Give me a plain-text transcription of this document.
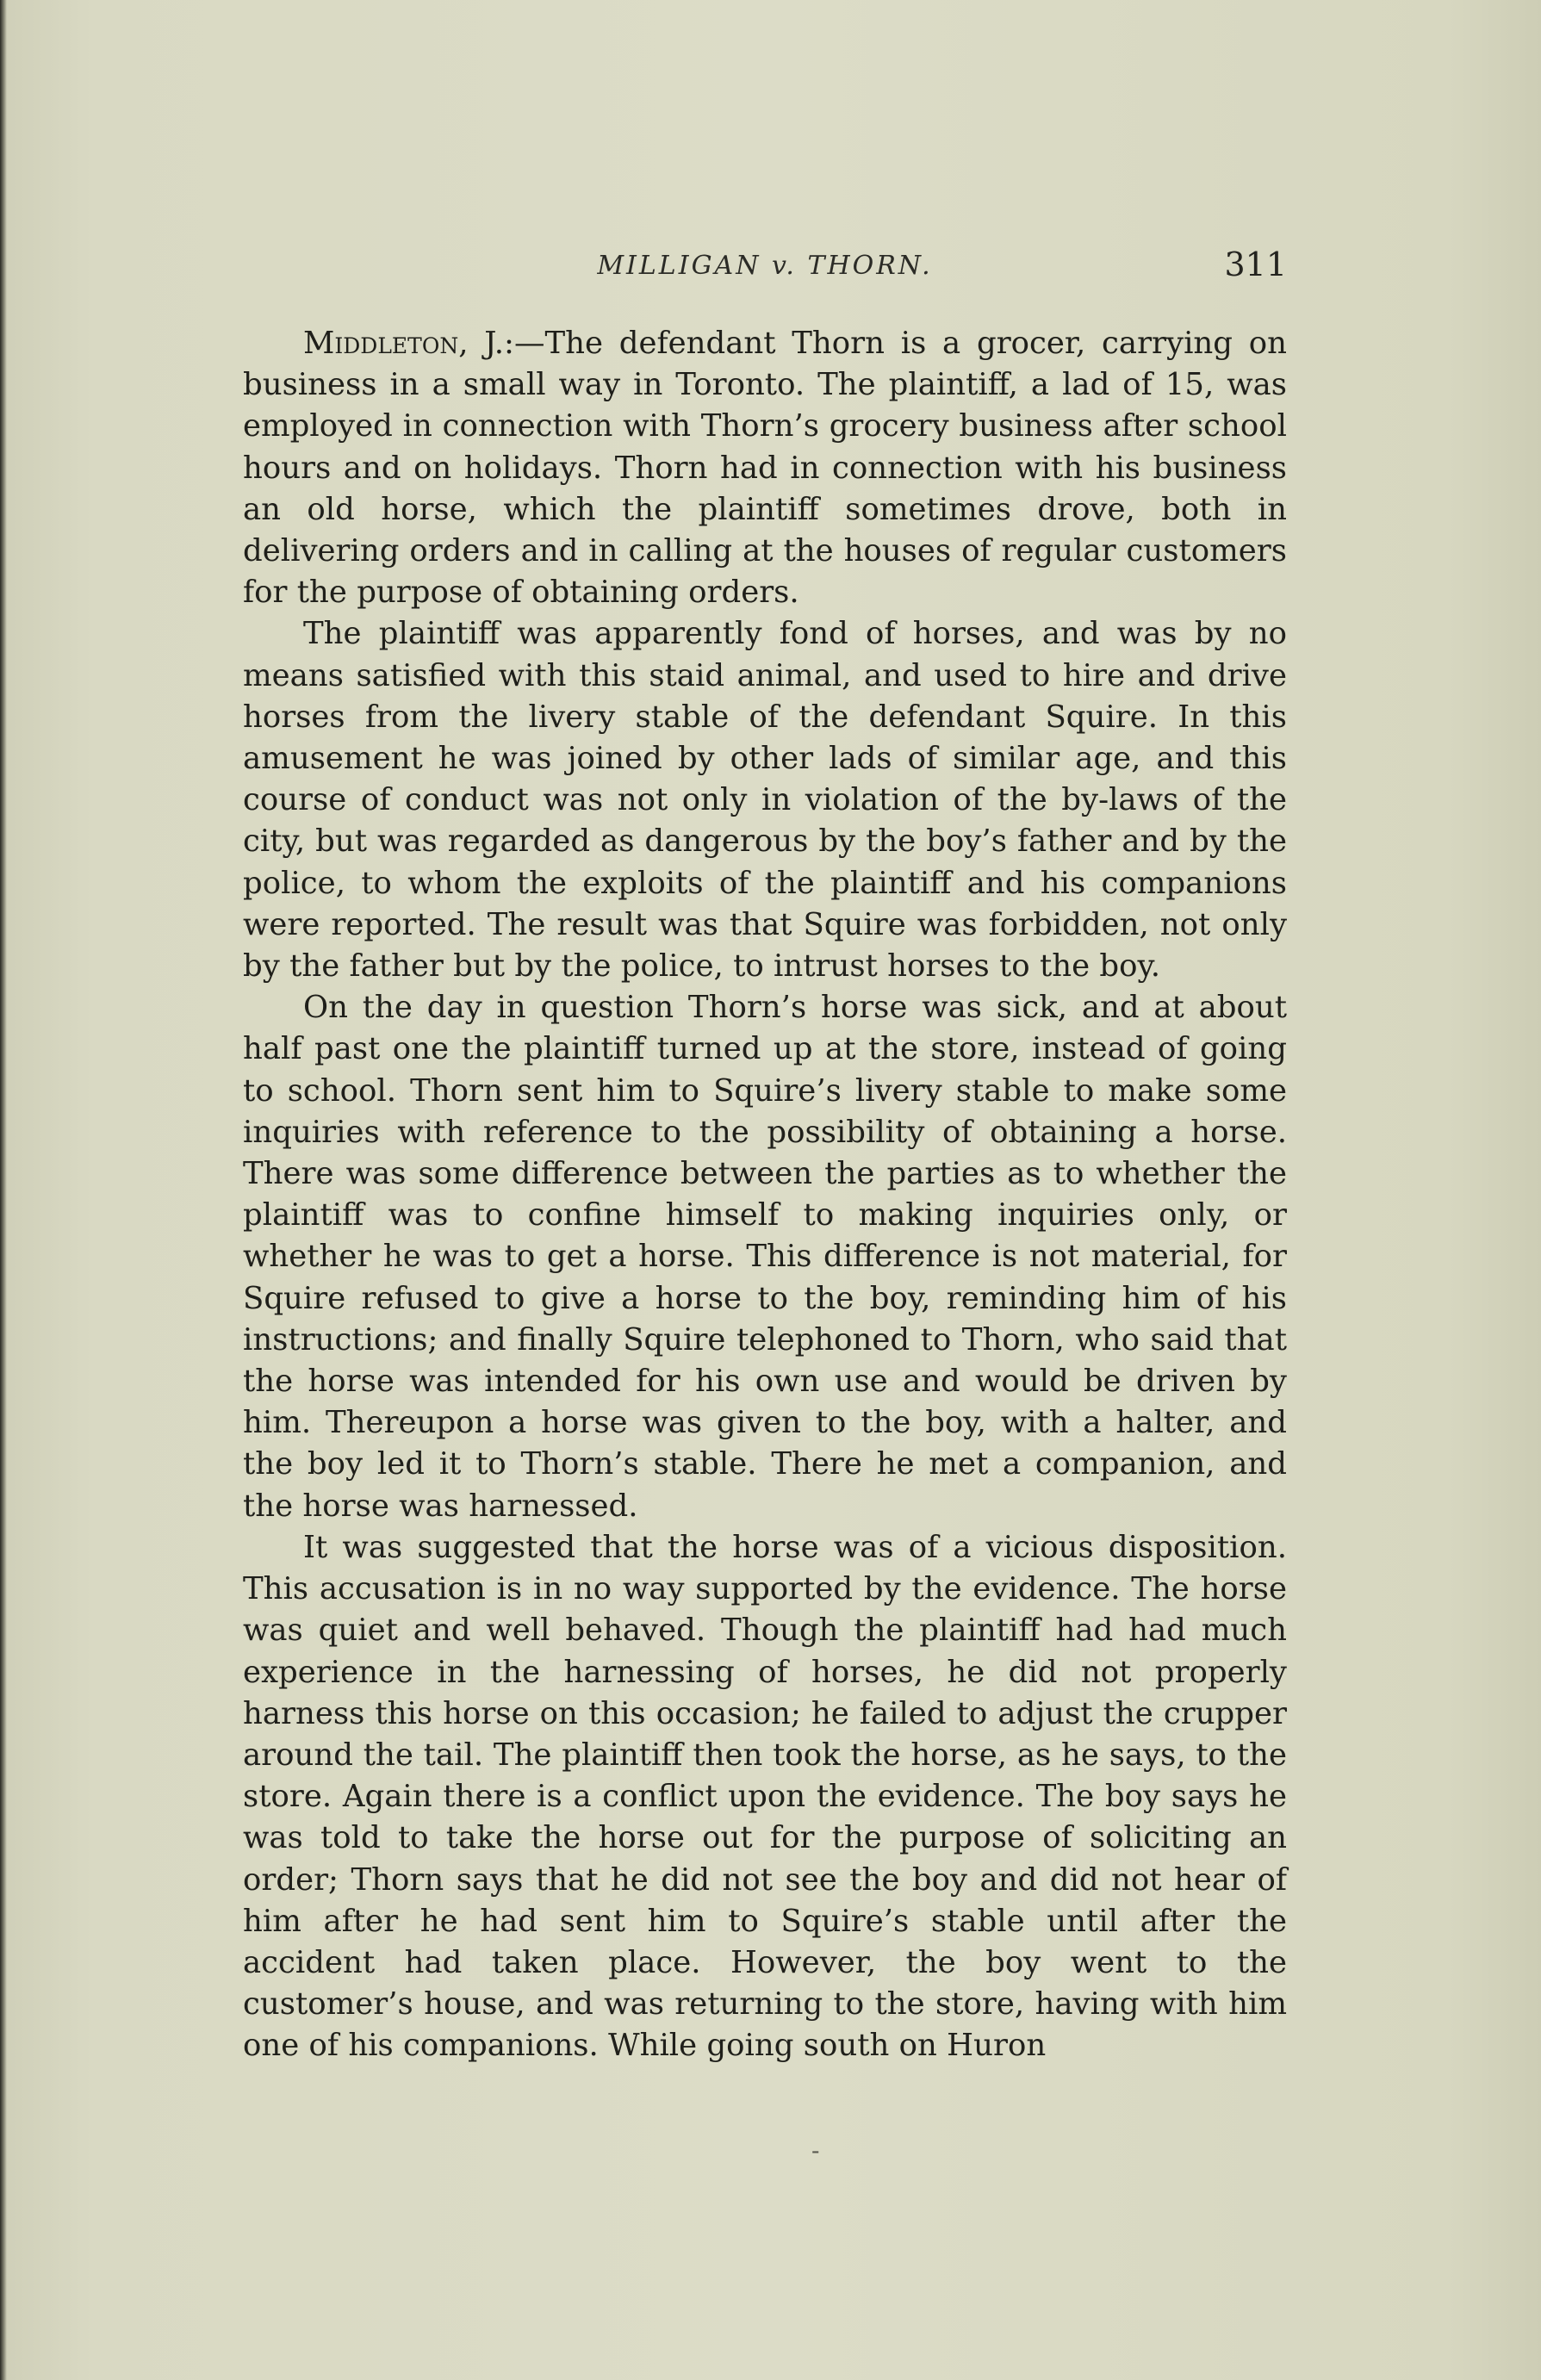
MILLIGAN v. THORN.	311

Middleton, J.:—The defendant Thorn is a grocer, carrying on business in a small way in Toronto. The plaintiff, a lad of 15, was employed in connection with Thorn’s grocery business after school hours and on holidays. Thorn had in connection with his business an old horse, which the plaintiff sometimes drove, both in delivering orders and in calling at the houses of regular customers for the purpose of obtaining orders.

The plaintiff was apparently fond of horses, and was by no means satisfied with this staid animal, and used to hire and drive horses from the livery stable of the defendant Squire. In this amusement he was joined by other lads of similar age, and this course of conduct was not only in violation of the by-laws of the city, but was regarded as dangerous by the boy’s father and by the police, to whom the exploits of the plaintiff and his companions were reported. The result was that Squire was forbidden, not only by the father but by the police, to intrust horses to the boy.

On the day in question Thorn’s horse was sick, and at about half past one the plaintiff turned up at the store, instead of going to school. Thorn sent him to Squire’s livery stable to make some inquiries with reference to the possibility of obtaining a horse. There was some difference between the parties as to whether the plaintiff was to confine himself to making inquiries only, or whether he was to get a horse. This difference is not material, for Squire refused to give a horse to the boy, reminding him of his instructions; and finally Squire telephoned to Thorn, who said that the horse was intended for his own use and would be driven by him. Thereupon a horse was given to the boy, with a halter, and the boy led it to Thorn’s stable. There he met a companion, and the horse was harnessed.

It was suggested that the horse was of a vicious disposition. This accusation is in no way supported by the evidence. The horse was quiet and well behaved. Though the plaintiff had had much experience in the harnessing of horses, he did not properly harness this horse on this occasion; he failed to adjust the crupper around the tail. The plaintiff then took the horse, as he says, to the store. Again there is a conflict upon the evidence. The boy says he was told to take the horse out for the purpose of soliciting an order; Thorn says that he did not see the boy and did not hear of him after he had sent him to Squire’s stable until after the accident had taken place. However, the boy went to the customer’s house, and was returning to the store, having with him one of his companions. While going south on Huron

-
